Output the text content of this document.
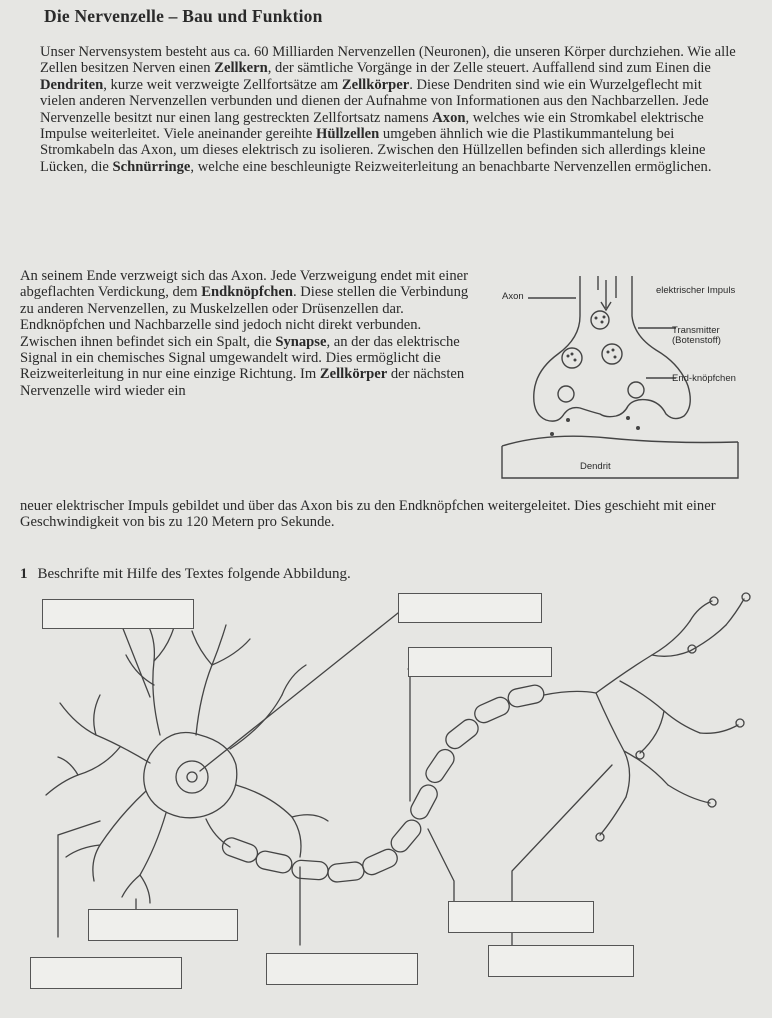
Die Nervenzelle – Bau und Funktion
Unser Nervensystem besteht aus ca. 60 Milliarden Nervenzellen (Neuronen), die unseren Körper durchziehen. Wie alle Zellen besitzen Nerven einen Zellkern, der sämtliche Vorgänge in der Zelle steuert. Auffallend sind zum Einen die Dendriten, kurze weit verzweigte Zellfortsätze am Zellkörper. Diese Dendriten sind wie ein Wurzelgeflecht mit vielen anderen Nervenzellen verbunden und dienen der Aufnahme von Informationen aus den Nachbarzellen. Jede Nervenzelle besitzt nur einen lang gestreckten Zellfortsatz namens Axon, welches wie ein Stromkabel elektrische Impulse weiterleitet. Viele aneinander gereihte Hüllzellen umgeben ähnlich wie die Plastikummantelung bei Stromkabeln das Axon, um dieses elektrisch zu isolieren. Zwischen den Hüllzellen befinden sich allerdings kleine Lücken, die Schnürringe, welche eine beschleunigte Reizweiterleitung an benachbarte Nervenzellen ermöglichen.
An seinem Ende verzweigt sich das Axon. Jede Verzweigung endet mit einer abgeflachten Verdickung, dem Endknöpfchen. Diese stellen die Verbindung zu anderen Nervenzellen, zu Muskelzellen oder Drüsenzellen dar. Endknöpfchen und Nachbarzelle sind jedoch nicht direkt verbunden. Zwischen ihnen befindet sich ein Spalt, die Synapse, an der das elektrische Signal in ein chemisches Signal umgewandelt wird. Dies ermöglicht die Reizweiterleitung in nur eine einzige Richtung. Im Zellkörper der nächsten Nervenzelle wird wieder ein
Axon
elektrischer Impuls
Transmitter (Botenstoff)
End-knöpfchen
Dendrit
neuer elektrischer Impuls gebildet und über das Axon bis zu den Endknöpfchen weitergeleitet. Dies geschieht mit einer Geschwindigkeit von bis zu 120 Metern pro Sekunde.
1 Beschrifte mit Hilfe des Textes folgende Abbildung.
